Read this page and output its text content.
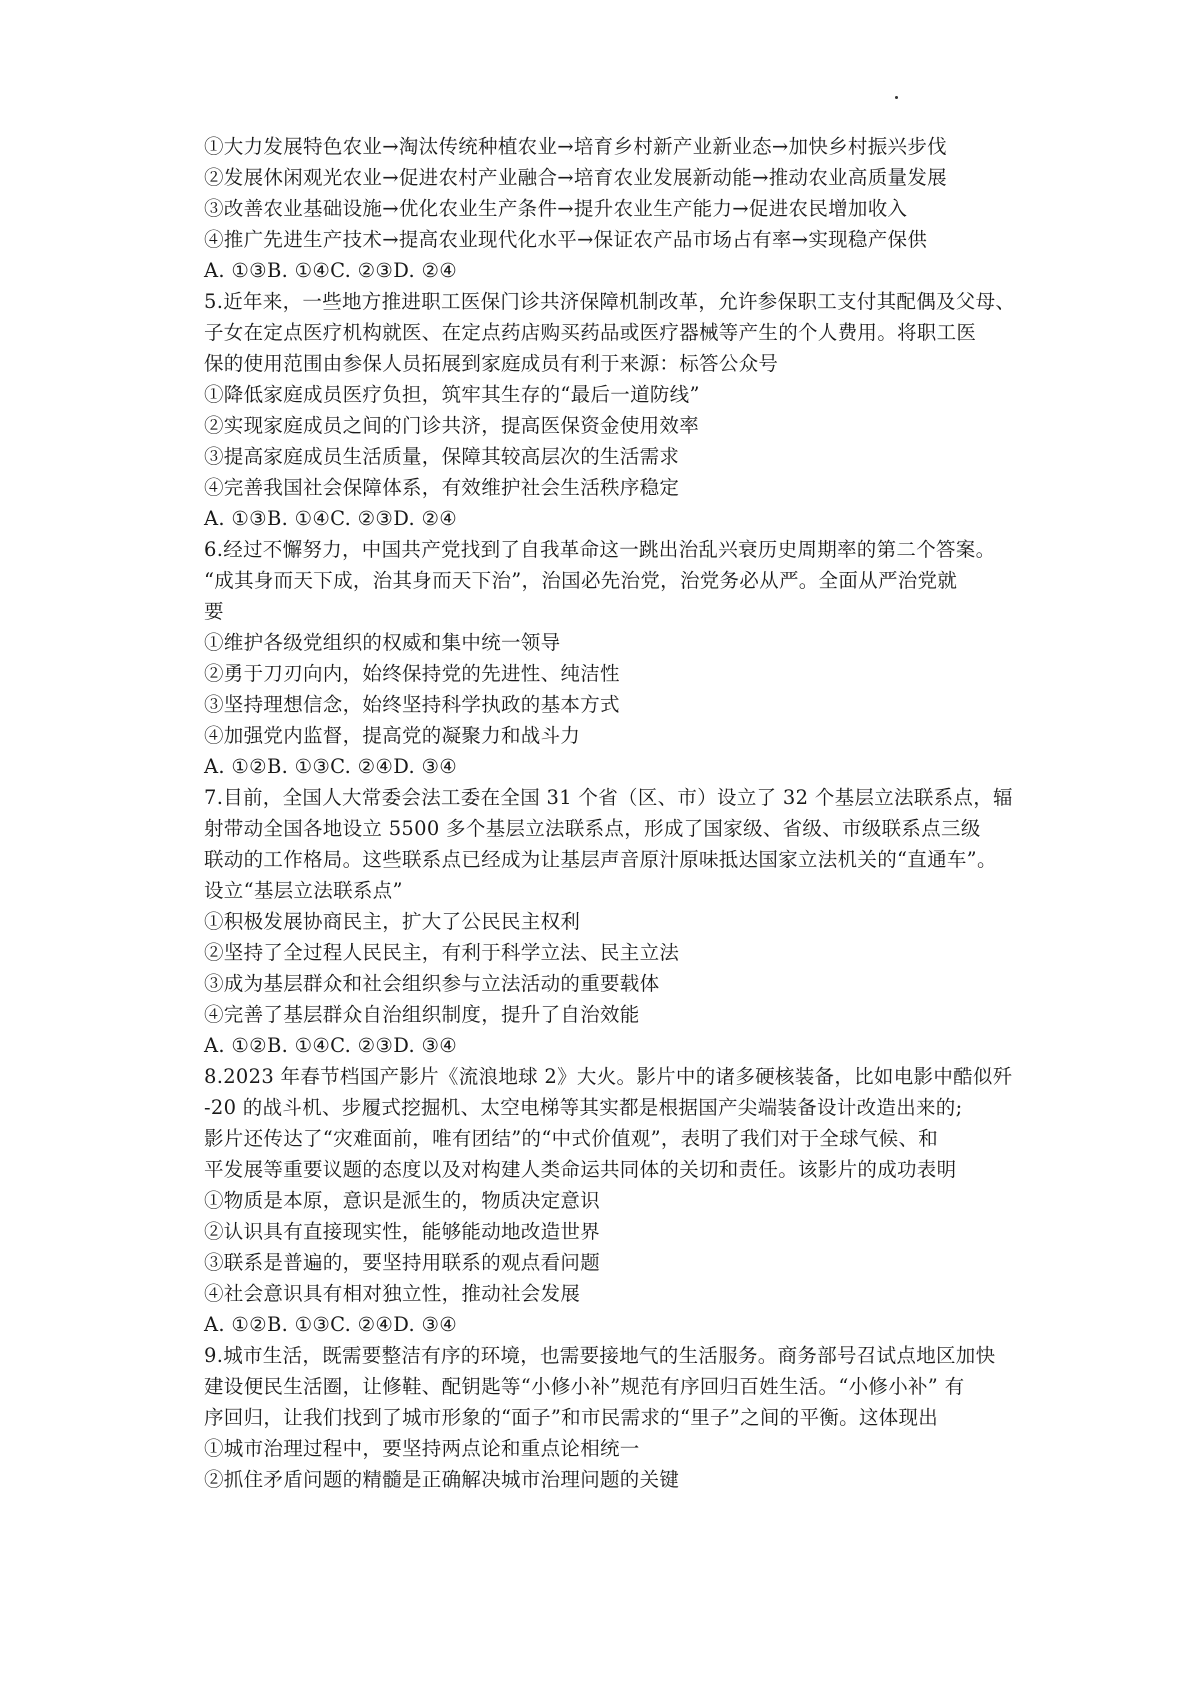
①大力发展特色农业→淘汰传统种植农业→培育乡村新产业新业态→加快乡村振兴步伐
②发展休闲观光农业→促进农村产业融合→培育农业发展新动能→推动农业高质量发展
③改善农业基础设施→优化农业生产条件→提升农业生产能力→促进农民增加收入
④推广先进生产技术→提高农业现代化水平→保证农产品市场占有率→实现稳产保供
A. ①③B. ①④C. ②③D. ②④
5.近年来，一些地方推进职工医保门诊共济保障机制改革，允许参保职工支付其配偶及父母、
子女在定点医疗机构就医、在定点药店购买药品或医疗器械等产生的个人费用。将职工医
保的使用范围由参保人员拓展到家庭成员有利于来源：标答公众号
①降低家庭成员医疗负担，筑牢其生存的“最后一道防线”
②实现家庭成员之间的门诊共济，提高医保资金使用效率
③提高家庭成员生活质量，保障其较高层次的生活需求
④完善我国社会保障体系，有效维护社会生活秩序稳定
A. ①③B. ①④C. ②③D. ②④
6.经过不懈努力，中国共产党找到了自我革命这一跳出治乱兴衰历史周期率的第二个答案。
“成其身而天下成，治其身而天下治”，治国必先治党，治党务必从严。全面从严治党就
要
①维护各级党组织的权威和集中统一领导
②勇于刀刃向内，始终保持党的先进性、纯洁性
③坚持理想信念，始终坚持科学执政的基本方式
④加强党内监督，提高党的凝聚力和战斗力
A. ①②B. ①③C. ②④D. ③④
7.目前，全国人大常委会法工委在全国 31 个省（区、市）设立了 32 个基层立法联系点，辐
射带动全国各地设立 5500 多个基层立法联系点，形成了国家级、省级、市级联系点三级
联动的工作格局。这些联系点已经成为让基层声音原汁原味抵达国家立法机关的“直通车”。
设立“基层立法联系点”
①积极发展协商民主，扩大了公民民主权利
②坚持了全过程人民民主，有利于科学立法、民主立法
③成为基层群众和社会组织参与立法活动的重要载体
④完善了基层群众自治组织制度，提升了自治效能
A. ①②B. ①④C. ②③D. ③④
8.2023 年春节档国产影片《流浪地球 2》大火。影片中的诸多硬核装备，比如电影中酷似歼
-20 的战斗机、步履式挖掘机、太空电梯等其实都是根据国产尖端装备设计改造出来的;
影片还传达了“灾难面前，唯有团结”的“中式价值观”，表明了我们对于全球气候、和
平发展等重要议题的态度以及对构建人类命运共同体的关切和责任。该影片的成功表明
①物质是本原，意识是派生的，物质决定意识
②认识具有直接现实性，能够能动地改造世界
③联系是普遍的，要坚持用联系的观点看问题
④社会意识具有相对独立性，推动社会发展
A. ①②B. ①③C. ②④D. ③④
9.城市生活，既需要整洁有序的环境，也需要接地气的生活服务。商务部号召试点地区加快
建设便民生活圈，让修鞋、配钥匙等“小修小补”规范有序回归百姓生活。“小修小补” 有
序回归，让我们找到了城市形象的“面子”和市民需求的“里子”之间的平衡。这体现出
①城市治理过程中，要坚持两点论和重点论相统一
②抓住矛盾问题的精髓是正确解决城市治理问题的关键
